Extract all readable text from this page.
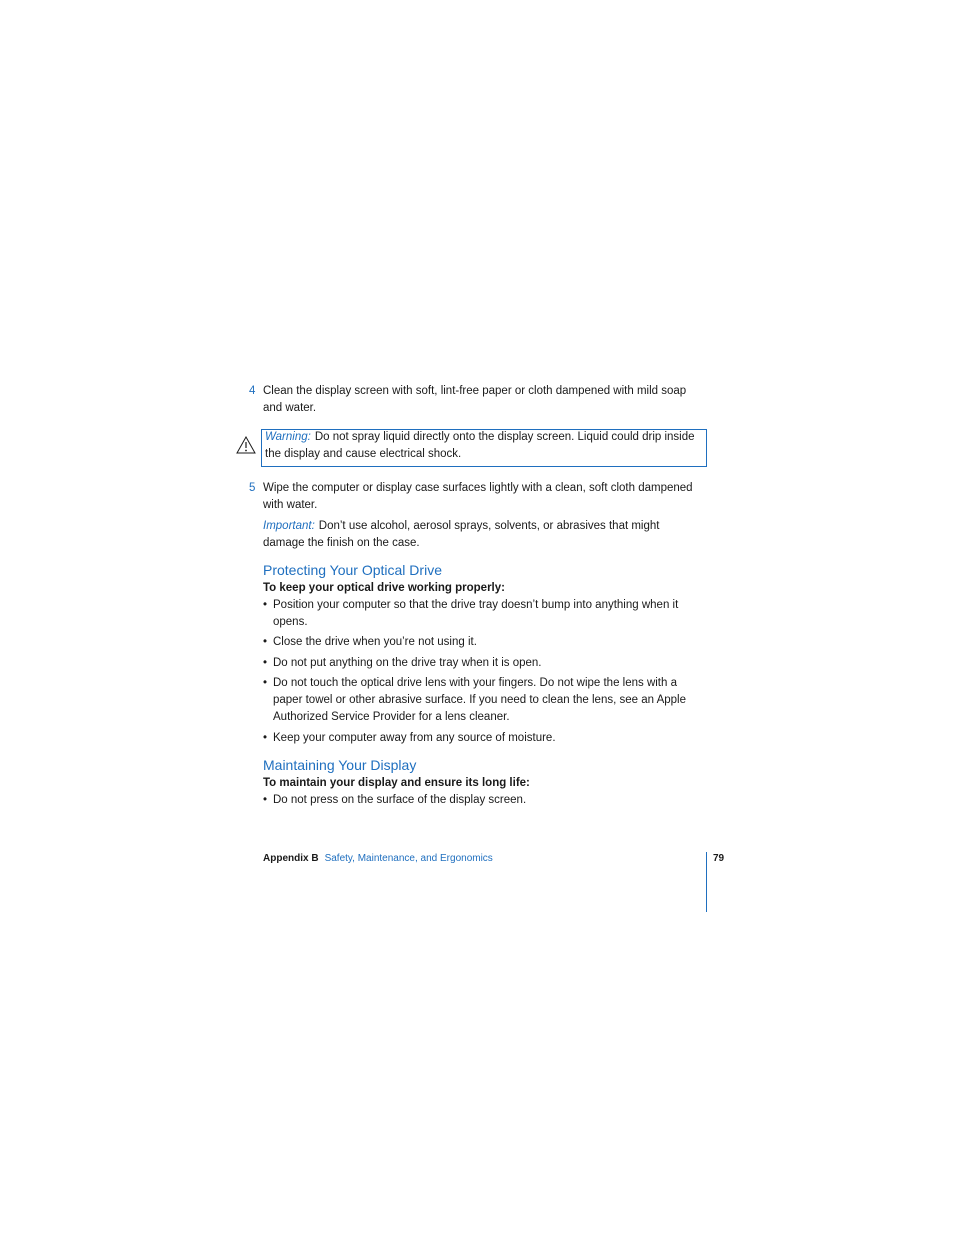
4 Clean the display screen with soft, lint-free paper or cloth dampened with mild soap and water.
Warning: Do not spray liquid directly onto the display screen. Liquid could drip inside the display and cause electrical shock.
5 Wipe the computer or display case surfaces lightly with a clean, soft cloth dampened with water.
Important: Don’t use alcohol, aerosol sprays, solvents, or abrasives that might damage the finish on the case.
Protecting Your Optical Drive
To keep your optical drive working properly:
• Position your computer so that the drive tray doesn’t bump into anything when it opens.
• Close the drive when you’re not using it.
• Do not put anything on the drive tray when it is open.
• Do not touch the optical drive lens with your fingers. Do not wipe the lens with a paper towel or other abrasive surface. If you need to clean the lens, see an Apple Authorized Service Provider for a lens cleaner.
• Keep your computer away from any source of moisture.
Maintaining Your Display
To maintain your display and ensure its long life:
• Do not press on the surface of the display screen.
Appendix B Safety, Maintenance, and Ergonomics	79
